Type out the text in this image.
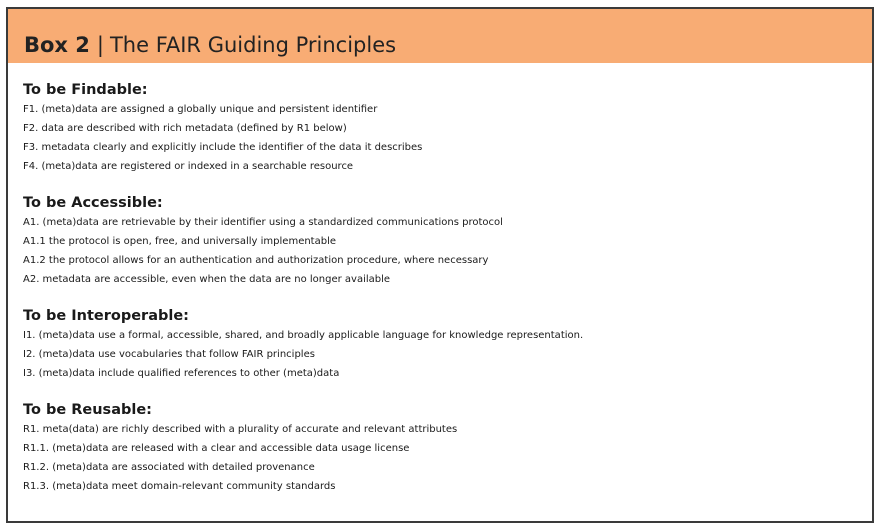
Box 2 | The FAIR Guiding Principles

To be Findable:

F1. (meta)data are assigned a globally unique and persistent identifier

F2. data are described with rich metadata (defined by R1 below)

F3. metadata clearly and explicitly include the identifier of the data it describes

F4. (meta)data are registered or indexed in a searchable resource

To be Accessible:

A1. (meta)data are retrievable by their identifier using a standardized communications protocol

A1.1 the protocol is open, free, and universally implementable

A1.2 the protocol allows for an authentication and authorization procedure, where necessary

A2. metadata are accessible, even when the data are no longer available

To be Interoperable:

I1. (meta)data use a formal, accessible, shared, and broadly applicable language for knowledge representation.

I2. (meta)data use vocabularies that follow FAIR principles

I3. (meta)data include qualified references to other (meta)data

To be Reusable:

R1. meta(data) are richly described with a plurality of accurate and relevant attributes

R1.1. (meta)data are released with a clear and accessible data usage license

R1.2. (meta)data are associated with detailed provenance

R1.3. (meta)data meet domain-relevant community standards
